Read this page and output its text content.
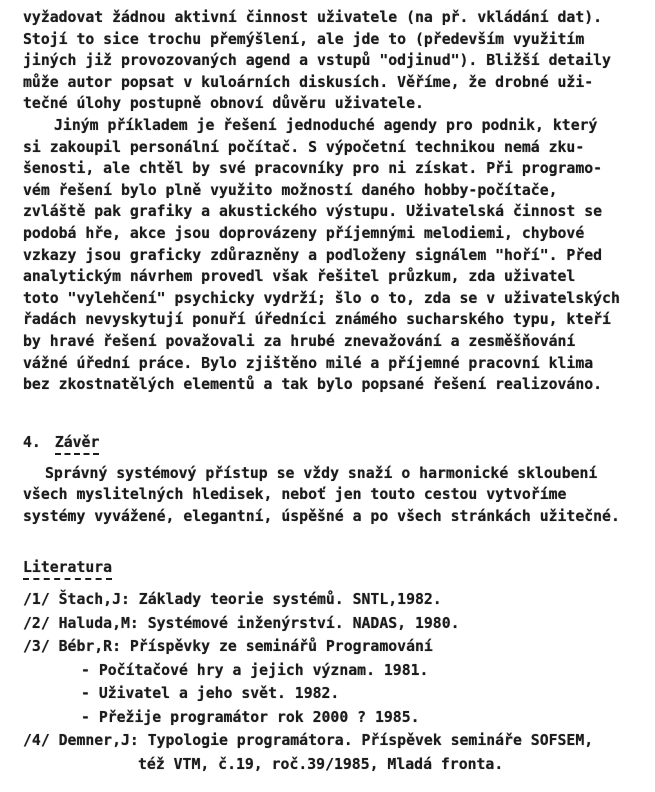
vyžadovat žádnou aktivní činnost uživatele (na př. vkládání dat).
Stojí to sice trochu přemýšlení, ale jde to (především využitím
jiných již provozovaných agend a vstupů "odjinud"). Bližší detaily
může autor popsat v kuloárních diskusích. Věříme, že drobné uži-
tečné úlohy postupně obnoví důvěru uživatele.
Jiným příkladem je řešení jednoduché agendy pro podnik, který
si zakoupil personální počítač. S výpočetní technikou nemá zku-
šenosti, ale chtěl by své pracovníky pro ni získat. Při programo-
vém řešení bylo plně využito možností daného hobby-počítače,
zvláště pak grafiky a akustického výstupu. Uživatelská činnost se
podobá hře, akce jsou doprovázeny příjemnými melodiemi, chybové
vzkazy jsou graficky zdůrazněny a podloženy signálem "hoří". Před
analytickým návrhem provedl však řešitel průzkum, zda uživatel
toto "vylehčení" psychicky vydrží; šlo o to, zda se v uživatelských
řadách nevyskytují ponuří úředníci známého sucharského typu, kteří
by hravé řešení považovali za hrubé znevažování a zesměšňování
vážné úřední práce. Bylo zjištěno milé a příjemné pracovní klima
bez zkostnatělých elementů a tak bylo popsané řešení realizováno.
4. Závěr
Správný systémový přístup se vždy snaží o harmonické skloubení
všech myslitelných hledisek, neboť jen touto cestou vytvoříme
systémy vyvážené, elegantní, úspěšné a po všech stránkách užitečné.
Literatura
/1/ Štach,J: Základy teorie systémů. SNTL,1982.
/2/ Haluda,M: Systémové inženýrství. NADAS, 1980.
/3/ Bébr,R: Příspěvky ze seminářů Programování
- Počítačové hry a jejich význam. 1981.
- Uživatel a jeho svět. 1982.
- Přežije programátor rok 2000 ? 1985.
/4/ Demner,J: Typologie programátora. Příspěvek semináře SOFSEM,
též VTM, č.19, roč.39/1985, Mladá fronta.
